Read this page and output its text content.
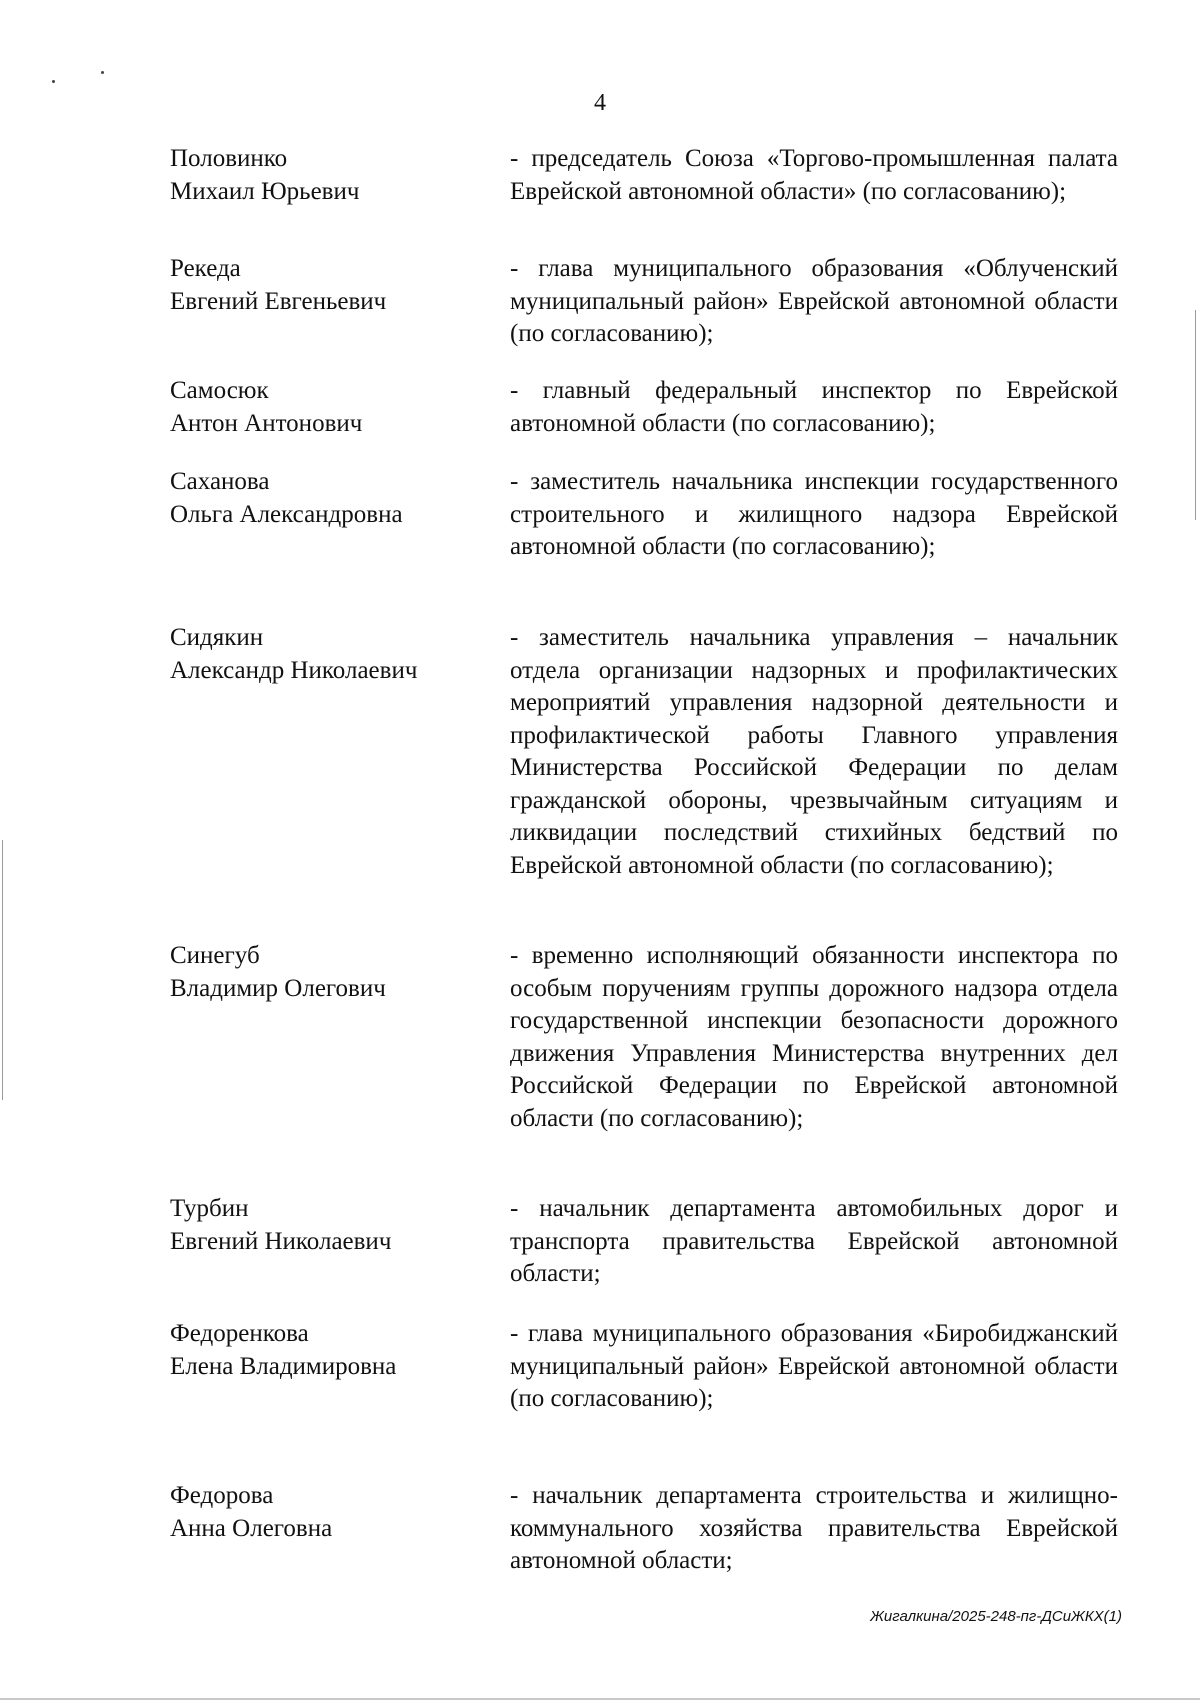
4
Половинко
Михаил Юрьевич
- председатель Союза «Торгово-промышленная палата Еврейской автономной области» (по согласованию);
Рекеда
Евгений Евгеньевич
- глава муниципального образования «Облученский муниципальный район» Еврейской автономной области (по согласованию);
Самосюк
Антон Антонович
- главный федеральный инспектор по Еврейской автономной области (по согласованию);
Саханова
Ольга Александровна
- заместитель начальника инспекции государственного строительного и жилищного надзора Еврейской автономной области (по согласованию);
Сидякин
Александр Николаевич
- заместитель начальника управления – начальник отдела организации надзорных и профилактических мероприятий управления надзорной деятельности и профилактической работы Главного управления Министерства Российской Федерации по делам гражданской обороны, чрезвычайным ситуациям и ликвидации последствий стихийных бедствий по Еврейской автономной области (по согласованию);
Синегуб
Владимир Олегович
- временно исполняющий обязанности инспектора по особым поручениям группы дорожного надзора отдела государственной инспекции безопасности дорожного движения Управления Министерства внутренних дел Российской Федерации по Еврейской автономной области (по согласованию);
Турбин
Евгений Николаевич
- начальник департамента автомобильных дорог и транспорта правительства Еврейской автономной области;
Федоренкова
Елена Владимировна
- глава муниципального образования «Биробиджанский муниципальный район» Еврейской автономной области (по согласованию);
Федорова
Анна Олеговна
- начальник департамента строительства и жилищно-коммунального хозяйства правительства Еврейской автономной области;
Жигалкина/2025-248-пг-ДСиЖКХ(1)
